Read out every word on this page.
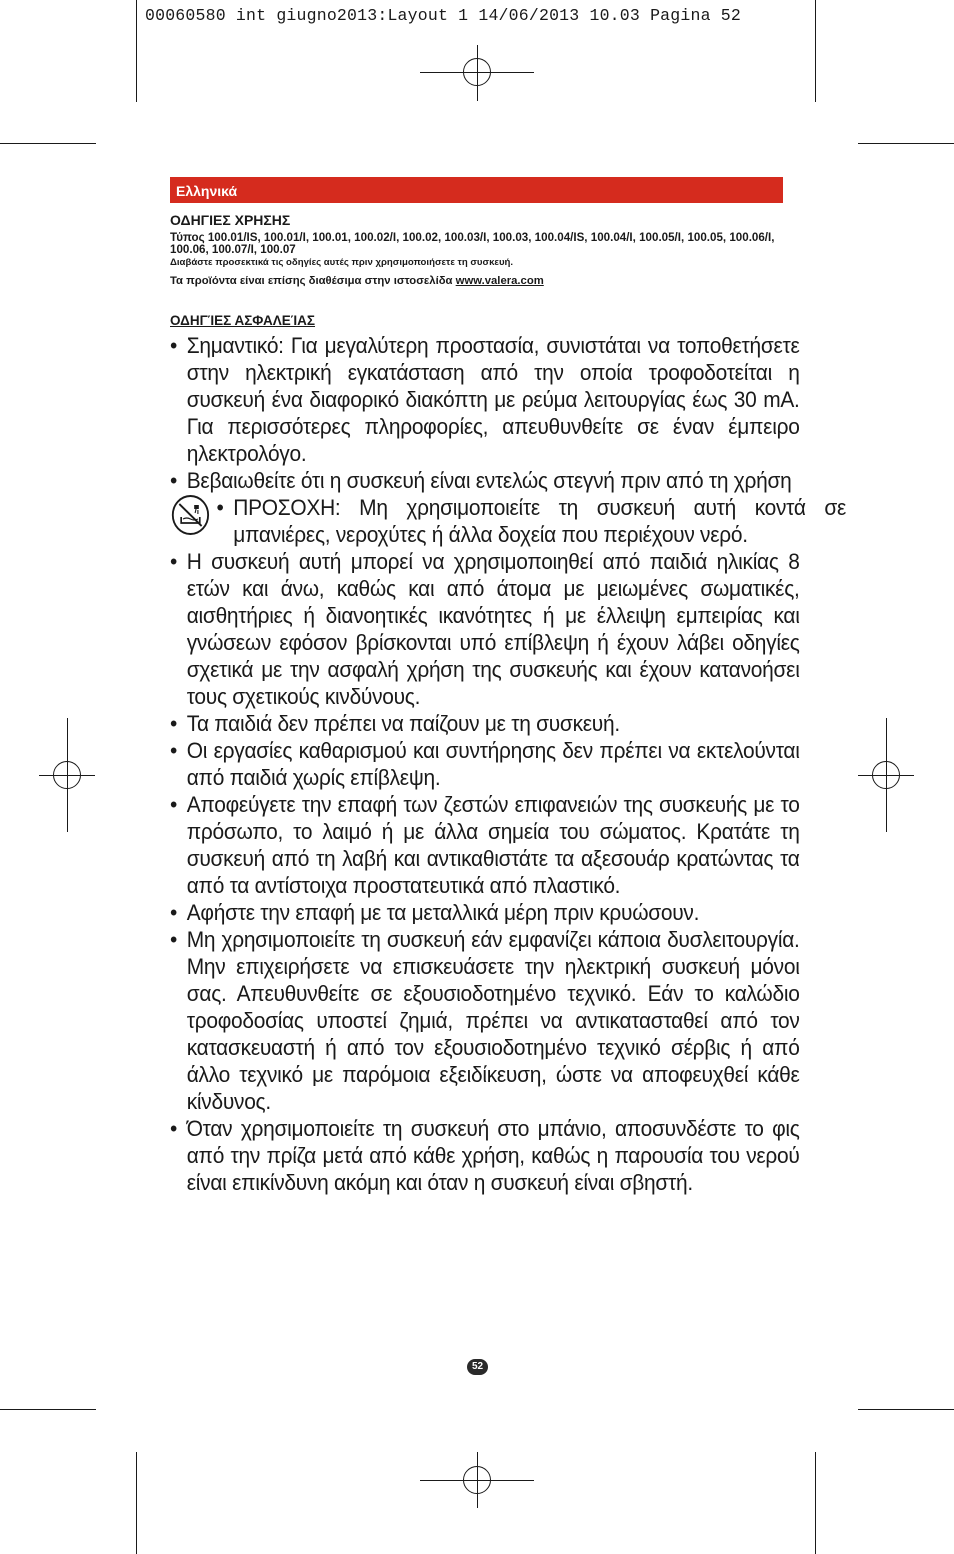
00060580 int giugno2013:Layout 1 14/06/2013 10.03 Pagina 52
Ελληνικά
ΟΔΗΓΙΕΣ ΧΡΗΣΗΣ
Τύπος 100.01/IS, 100.01/I, 100.01, 100.02/I, 100.02, 100.03/I, 100.03, 100.04/IS, 100.04/I, 100.05/I, 100.05, 100.06/I, 100.06, 100.07/I, 100.07
Διαβάστε προσεκτικά τις οδηγίες αυτές πριν χρησιμοποιήσετε τη συσκευή.
Τα προϊόντα είναι επίσης διαθέσιμα στην ιστοσελίδα www.valera.com
ΟΔΗΓΊΕΣ ΑΣΦΑΛΕΊΑΣ
• Σημαντικό: Για μεγαλύτερη προστασία, συνιστάται να τοποθετήσετε στην ηλεκτρική εγκατάσταση από την οποία τροφοδοτείται η συσκευή ένα διαφορικό διακόπτη με ρεύμα λειτουργίας έως 30 mA. Για περισσότερες πληροφορίες, απευθυνθείτε σε έναν έμπειρο ηλεκτρολόγο.
• Βεβαιωθείτε ότι η συσκευή είναι εντελώς στεγνή πριν από τη χρήση
• ΠΡΟΣΟΧΗ: Μη χρησιμοποιείτε τη συσκευή αυτή κοντά σε μπανιέρες, νεροχύτες ή άλλα δοχεία που περιέχουν νερό.
• Η συσκευή αυτή μπορεί να χρησιμοποιηθεί από παιδιά ηλικίας 8 ετών και άνω, καθώς και από άτομα με μειωμένες σωματικές, αισθητήριες ή διανοητικές ικανότητες ή με έλλειψη εμπειρίας και γνώσεων εφόσον βρίσκονται υπό επίβλεψη ή έχουν λάβει οδηγίες σχετικά με την ασφαλή χρήση της συσκευής και έχουν κατανοήσει τους σχετικούς κινδύνους.
• Τα παιδιά δεν πρέπει να παίζουν με τη συσκευή.
• Οι εργασίες καθαρισμού και συντήρησης δεν πρέπει να εκτελούνται από παιδιά χωρίς επίβλεψη.
• Αποφεύγετε την επαφή των ζεστών επιφανειών της συσκευής με το πρόσωπο, το λαιμό ή με άλλα σημεία του σώματος. Κρατάτε τη συσκευή από τη λαβή και αντικαθιστάτε τα αξεσουάρ κρατώντας τα από τα αντίστοιχα προστατευτικά από πλαστικό.
• Αφήστε την επαφή με τα μεταλλικά μέρη πριν κρυώσουν.
• Μη χρησιμοποιείτε τη συσκευή εάν εμφανίζει κάποια δυσλειτουργία. Μην επιχειρήσετε να επισκευάσετε την ηλεκτρική συσκευή μόνοι σας. Απευθυνθείτε σε εξουσιοδοτημένο τεχνικό. Εάν το καλώδιο τροφοδοσίας υποστεί ζημιά, πρέπει να αντικατασταθεί από τον κατασκευαστή ή από τον εξουσιοδοτημένο τεχνικό σέρβις ή από άλλο τεχνικό με παρόμοια εξειδίκευση, ώστε να αποφευχθεί κάθε κίνδυνος.
• Όταν χρησιμοποιείτε τη συσκευή στο μπάνιο, αποσυνδέστε το φις από την πρίζα μετά από κάθε χρήση, καθώς η παρουσία του νερού είναι επικίνδυνη ακόμη και όταν η συσκευή είναι σβηστή.
52
